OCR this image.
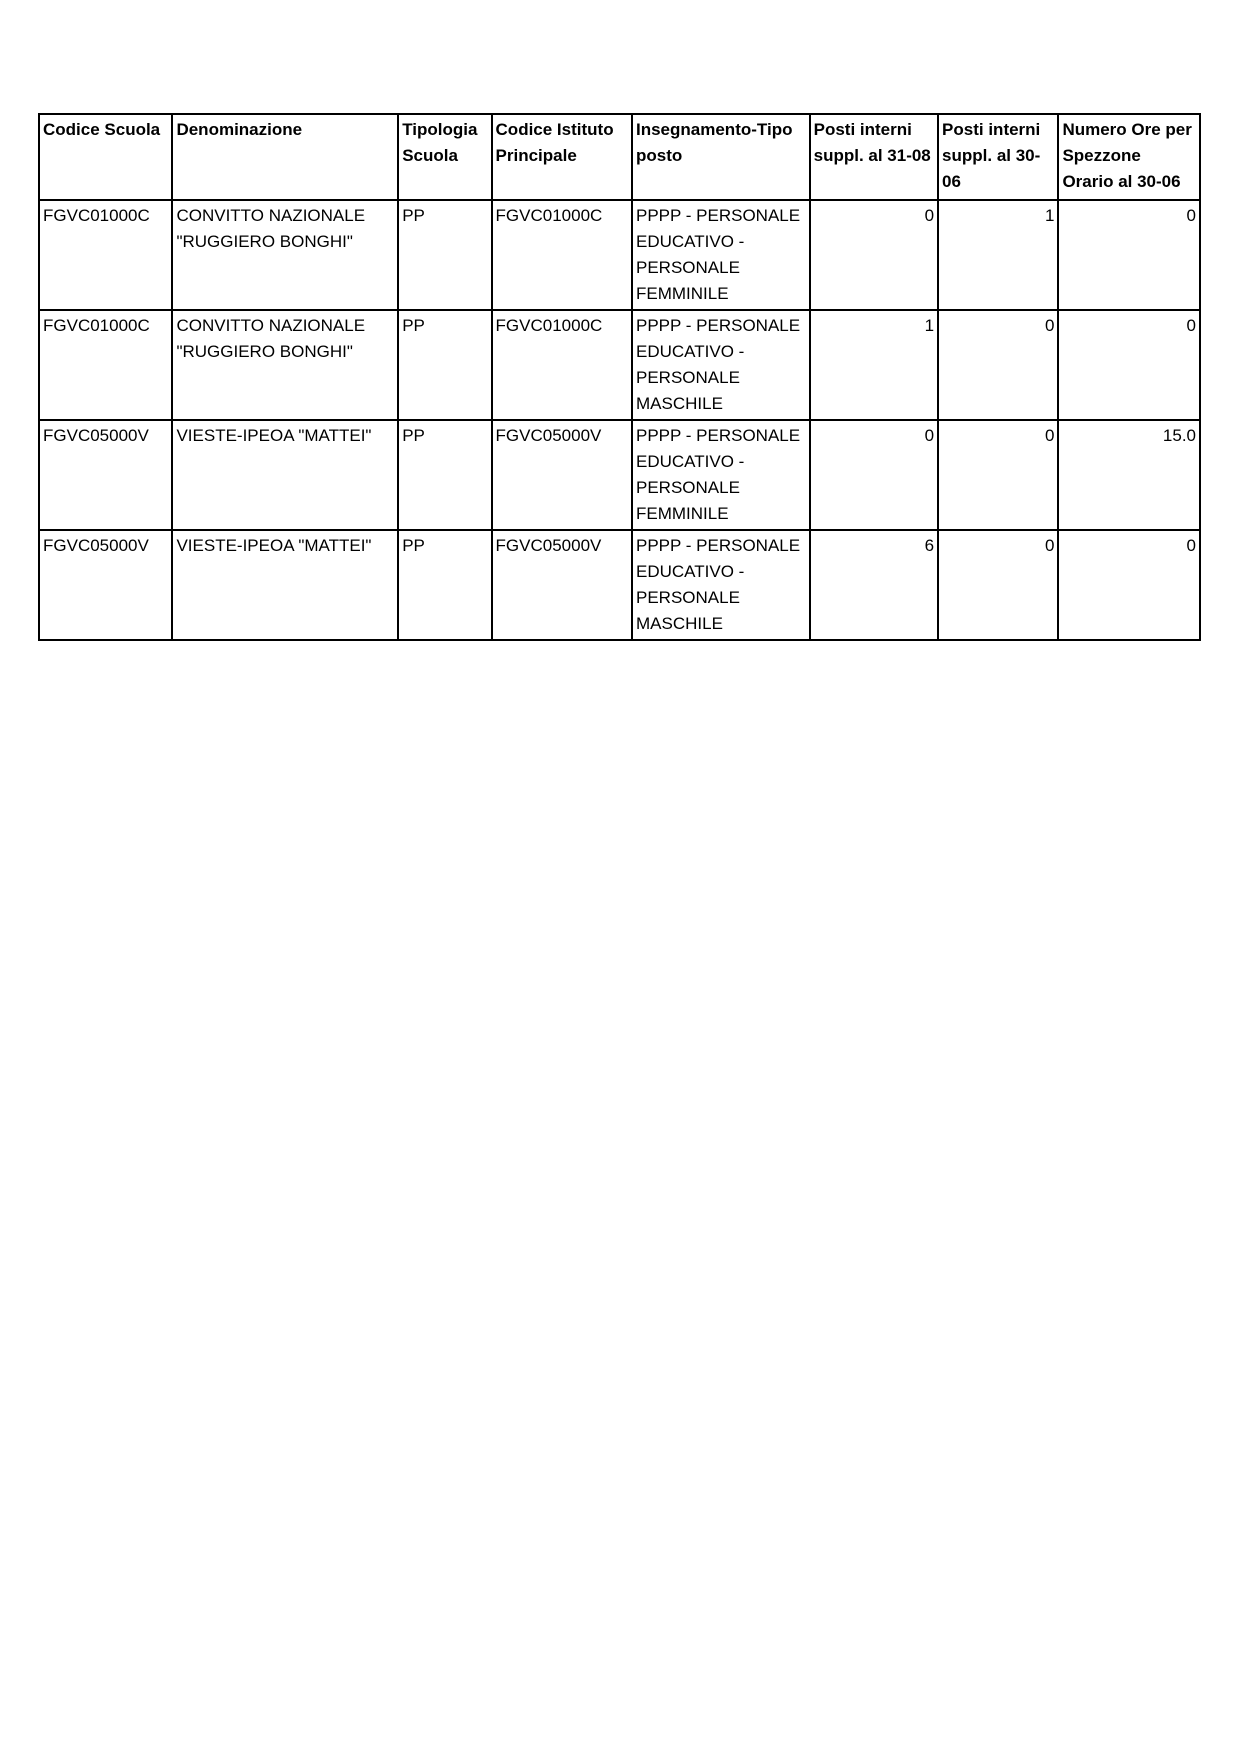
Codice Scuola	Denominazione	Tipologia Scuola	Codice Istituto Principale	Insegnamento-Tipo posto	Posti interni suppl. al 31-08	Posti interni suppl. al 30-06	Numero Ore per Spezzone Orario al 30-06
FGVC01000C	CONVITTO NAZIONALE "RUGGIERO BONGHI"	PP	FGVC01000C	PPPP - PERSONALE EDUCATIVO - PERSONALE FEMMINILE	0	1	0
FGVC01000C	CONVITTO NAZIONALE "RUGGIERO BONGHI"	PP	FGVC01000C	PPPP - PERSONALE EDUCATIVO - PERSONALE MASCHILE	1	0	0
FGVC05000V	VIESTE-IPEOA "MATTEI"	PP	FGVC05000V	PPPP - PERSONALE EDUCATIVO - PERSONALE FEMMINILE	0	0	15.0
FGVC05000V	VIESTE-IPEOA "MATTEI"	PP	FGVC05000V	PPPP - PERSONALE EDUCATIVO - PERSONALE MASCHILE	6	0	0
